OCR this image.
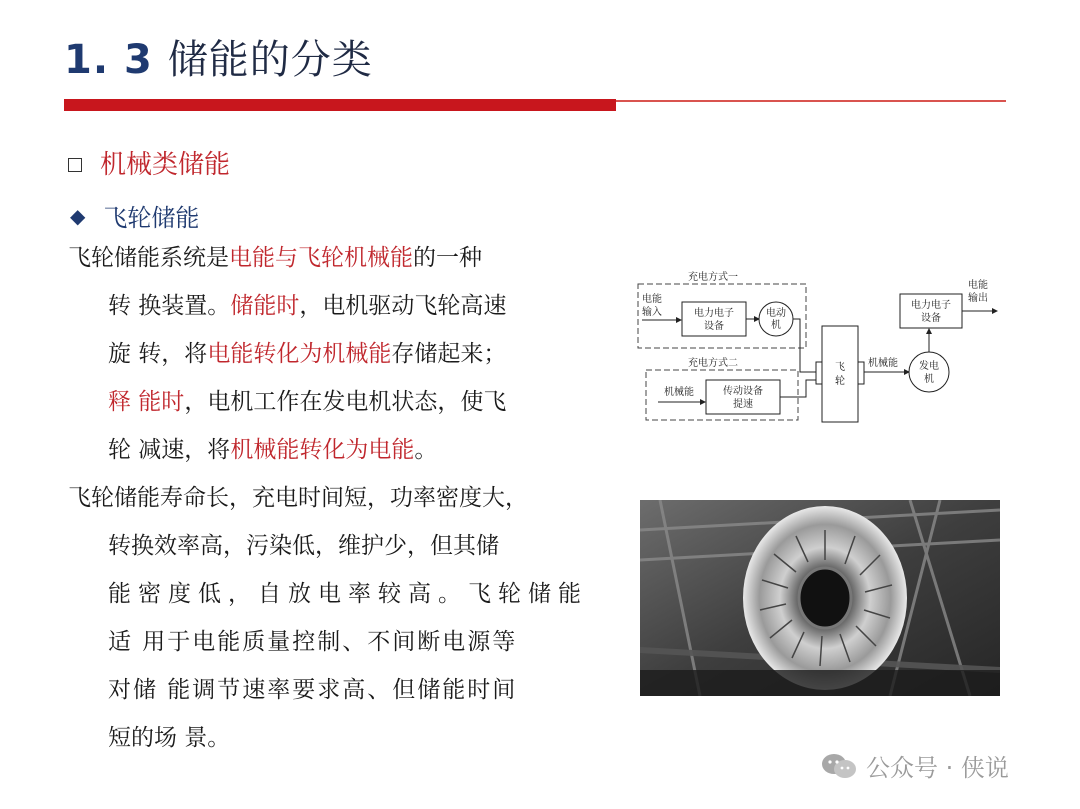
1. 3 储能的分类
机械类储能
◆ 飞轮储能
飞轮储能系统是电能与飞轮机械能的一种
转 换装置。储能时，电机驱动飞轮高速
旋 转，将电能转化为机械能存储起来；
释 能时，电机工作在发电机状态，使飞
轮 减速，将机械能转化为电能。
飞轮储能寿命长，充电时间短，功率密度大，
转换效率高，污染低，维护少，但其储
能密度低，自放电率较高。飞轮储能
适 用于电能质量控制、不间断电源等
对储 能调节速率要求高、但储能时间
短的场 景。
充电方式一
充电方式二
电能
输入	电力电子
设备
电动
机
机械能	传动设备
提速
飞
轮
机械能 发电
机
电力电子
设备
电能
输出
公众号 · 侠说
